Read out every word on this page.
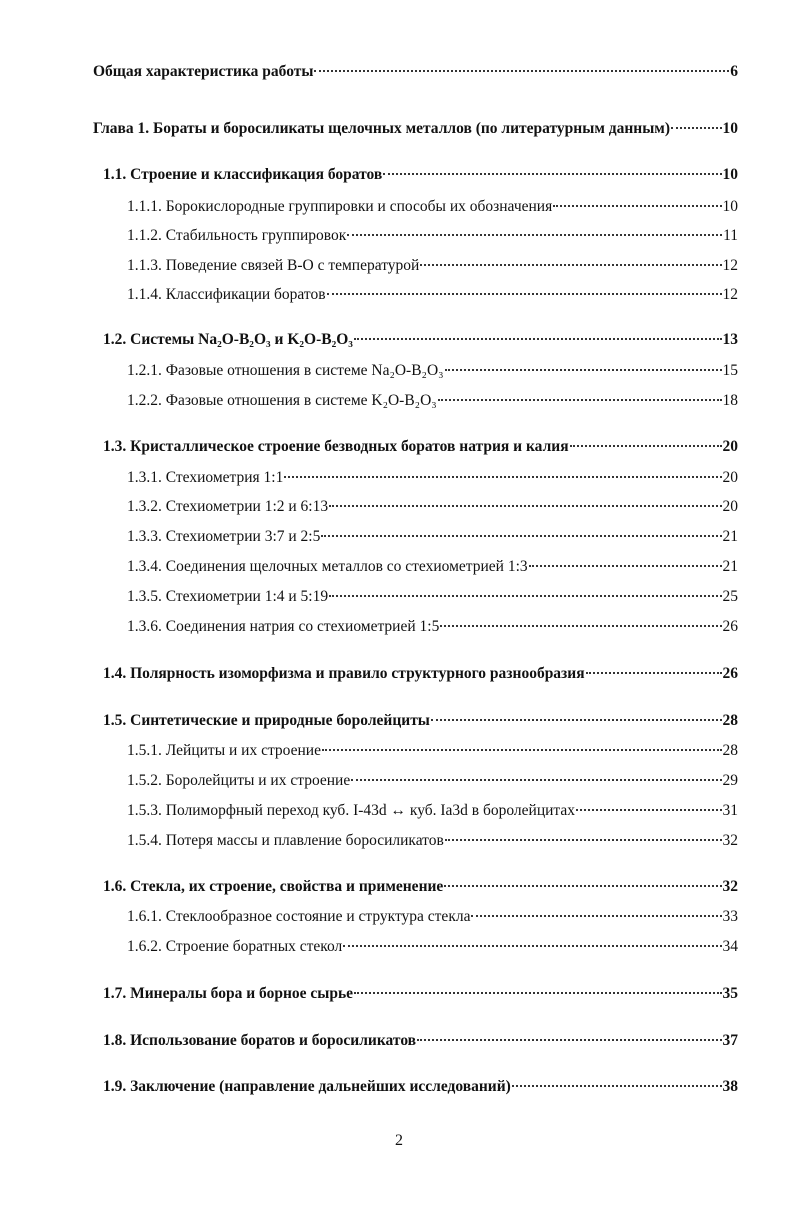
Общая характеристика работы	6
Глава 1. Бораты и боросиликаты щелочных металлов (по литературным данным)	10
1.1. Строение и классификация боратов	10
1.1.1. Борокислородные группировки и способы их обозначения	10
1.1.2. Стабильность группировок	11
1.1.3. Поведение связей B-O с температурой	12
1.1.4. Классификации боратов	12
1.2. Системы Na₂O-B₂O₃ и K₂O-B₂O₃	13
1.2.1. Фазовые отношения в системе Na₂O-B₂O₃	15
1.2.2. Фазовые отношения в системе K₂O-B₂O₃	18
1.3. Кристаллическое строение безводных боратов натрия и калия	20
1.3.1. Стехиометрия 1:1	20
1.3.2. Стехиометрии 1:2 и 6:13	20
1.3.3. Стехиометрии 3:7 и 2:5	21
1.3.4. Соединения щелочных металлов со стехиометрией 1:3	21
1.3.5. Стехиометрии 1:4 и 5:19	25
1.3.6. Соединения натрия со стехиометрией 1:5	26
1.4. Полярность изоморфизма и правило структурного разнообразия	26
1.5. Синтетические и природные боролейциты	28
1.5.1. Лейциты и их строение	28
1.5.2. Боролейциты и их строение	29
1.5.3. Полиморфный переход куб. I-43d ↔ куб. Ia3d в боролейцитах	31
1.5.4. Потеря массы и плавление боросиликатов	32
1.6. Стекла, их строение, свойства и применение	32
1.6.1. Стеклообразное состояние и структура стекла	33
1.6.2. Строение боратных стекол	34
1.7. Минералы бора и борное сырье	35
1.8. Использование боратов и боросиликатов	37
1.9. Заключение (направление дальнейших исследований)	38
2
